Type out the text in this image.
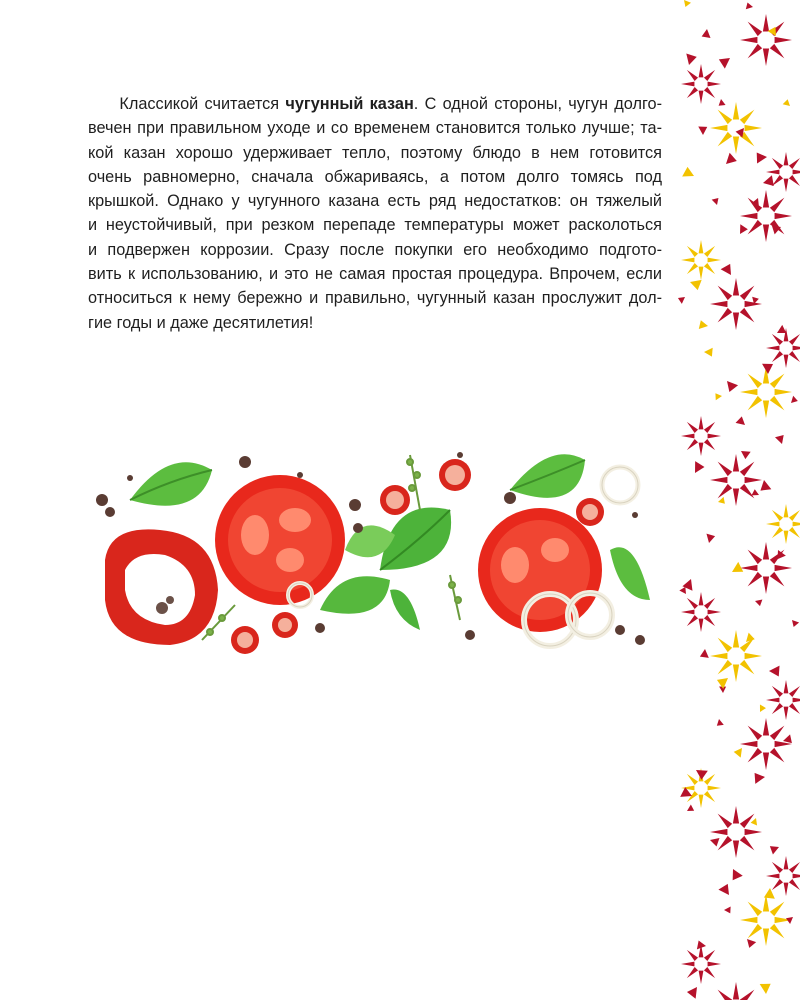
Классикой считается чугунный казан. С одной стороны, чугун долго-
вечен при правильном уходе и со временем становится только лучше; та-
кой казан хорошо удерживает тепло, поэтому блюдо в нем готовится
очень равномерно, сначала обжариваясь, а потом долго томясь под
крышкой. Однако у чугунного казана есть ряд недостатков: он тяжелый
и неустойчивый, при резком перепаде температуры может расколоться
и подвержен коррозии. Сразу после покупки его необходимо подгото-
вить к использованию, и это не самая простая процедура. Впрочем, если
относиться к нему бережно и правильно, чугунный казан прослужит дол-
гие годы и даже десятилетия!
